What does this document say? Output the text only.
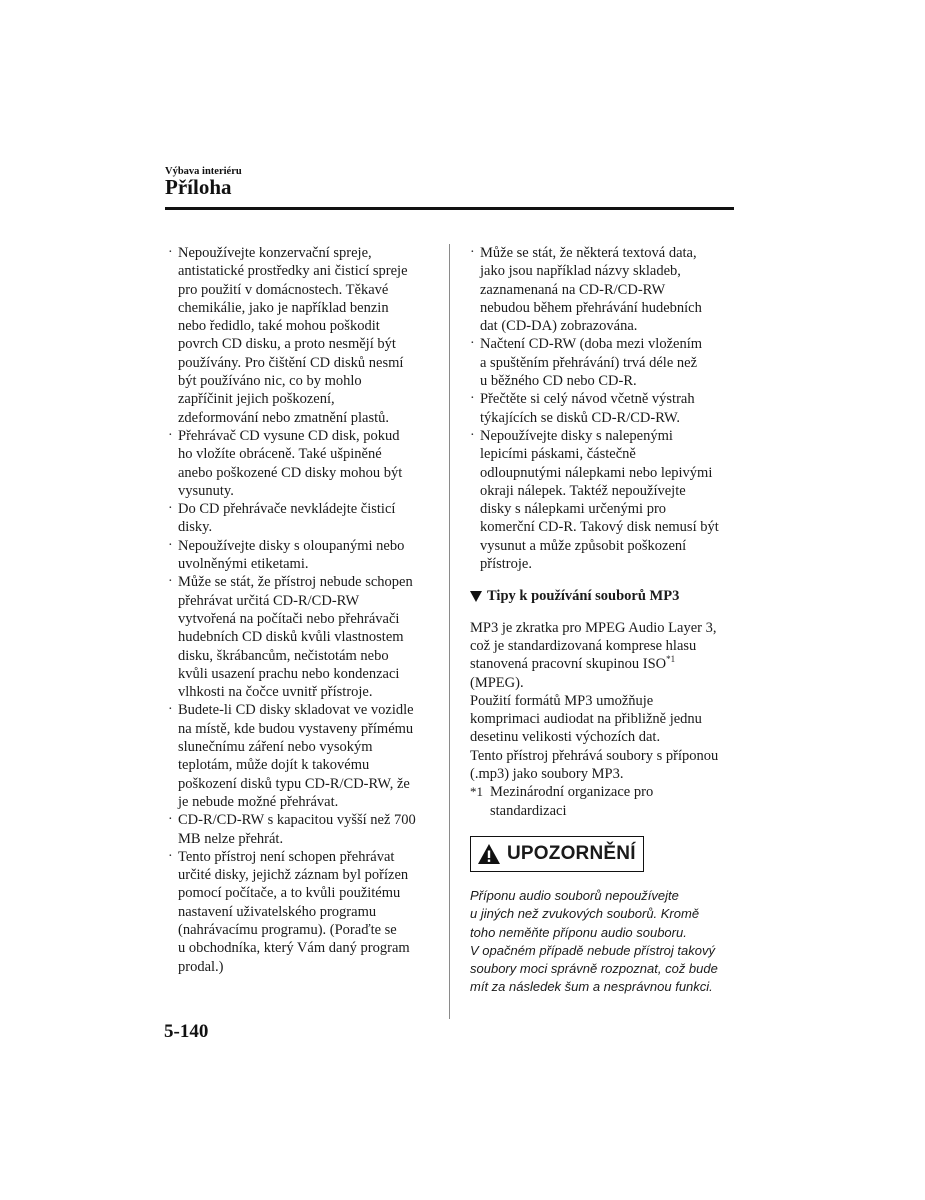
Výbava interiéru
Příloha
· Nepoužívejte konzervační spreje,
antistatické prostředky ani čisticí spreje
pro použití v domácnostech. Těkavé
chemikálie, jako je například benzin
nebo ředidlo, také mohou poškodit
povrch CD disku, a proto nesmějí být
používány. Pro čištění CD disků nesmí
být používáno nic, co by mohlo
zapříčinit jejich poškození,
zdeformování nebo zmatnění plastů.
· Přehrávač CD vysune CD disk, pokud
ho vložíte obráceně. Také ušpiněné
anebo poškozené CD disky mohou být
vysunuty.
· Do CD přehrávače nevkládejte čisticí
disky.
· Nepoužívejte disky s oloupanými nebo
uvolněnými etiketami.
· Může se stát, že přístroj nebude schopen
přehrávat určitá CD-R/CD-RW
vytvořená na počítači nebo přehrávači
hudebních CD disků kvůli vlastnostem
disku, škrábancům, nečistotám nebo
kvůli usazení prachu nebo kondenzaci
vlhkosti na čočce uvnitř přístroje.
· Budete-li CD disky skladovat ve vozidle
na místě, kde budou vystaveny přímému
slunečnímu záření nebo vysokým
teplotám, může dojít k takovému
poškození disků typu CD-R/CD-RW, že
je nebude možné přehrávat.
· CD-R/CD-RW s kapacitou vyšší než 700
MB nelze přehrát.
· Tento přístroj není schopen přehrávat
určité disky, jejichž záznam byl pořízen
pomocí počítače, a to kvůli použitému
nastavení uživatelského programu
(nahrávacímu programu). (Poraďte se
u obchodníka, který Vám daný program
prodal.)
· Může se stát, že některá textová data,
jako jsou například názvy skladeb,
zaznamenaná na CD-R/CD-RW
nebudou během přehrávání hudebních
dat (CD-DA) zobrazována.
· Načtení CD-RW (doba mezi vložením
a spuštěním přehrávání) trvá déle než
u běžného CD nebo CD-R.
· Přečtěte si celý návod včetně výstrah
týkajících se disků CD-R/CD-RW.
· Nepoužívejte disky s nalepenými
lepicími páskami, částečně
odloupnutými nálepkami nebo lepivými
okraji nálepek. Taktéž nepoužívejte
disky s nálepkami určenými pro
komerční CD-R. Takový disk nemusí být
vysunut a může způsobit poškození
přístroje.
Tipy k používání souborů MP3
MP3 je zkratka pro MPEG Audio Layer 3,
což je standardizovaná komprese hlasu
stanovená pracovní skupinou ISO$^{*1}$
(MPEG).
Použití formátů MP3 umožňuje
komprimaci audiodat na přibližně jednu
desetinu velikosti výchozích dat.
Tento přístroj přehrává soubory s příponou
(.mp3) jako soubory MP3.
*1 Mezinárodní organizace pro
standardizaci
UPOZORNĚNÍ
Příponu audio souborů nepoužívejte
u jiných než zvukových souborů. Kromě
toho neměňte příponu audio souboru.
V opačném případě nebude přístroj takový
soubory moci správně rozpoznat, což bude
mít za následek šum a nesprávnou funkci.
5-140
